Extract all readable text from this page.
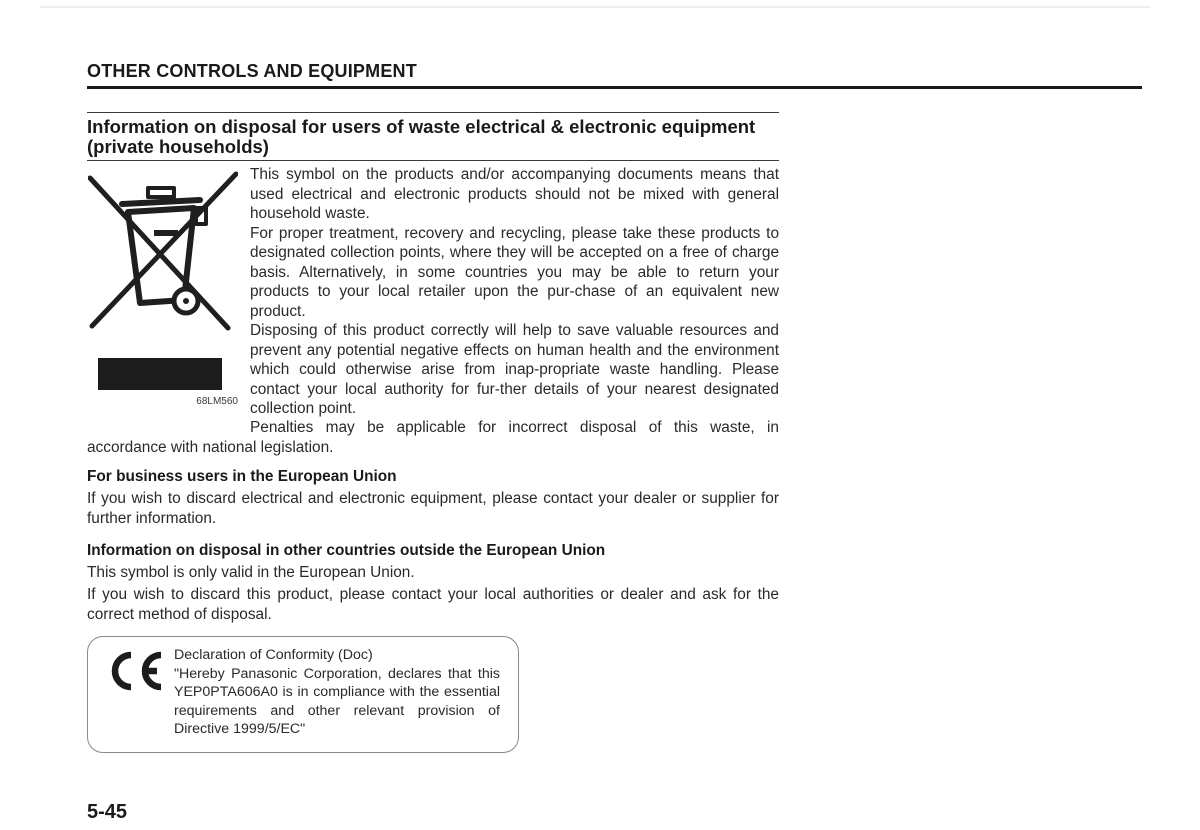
OTHER CONTROLS AND EQUIPMENT
Information on disposal for users of waste electrical & electronic equipment (private households)
68LM560

This symbol on the products and/or accompanying documents means that used electrical and electronic products should not be mixed with general household waste.

For proper treatment, recovery and recycling, please take these products to designated collection points, where they will be accepted on a free of charge basis. Alternatively, in some countries you may be able to return your products to your local retailer upon the pur-chase of an equivalent new product.

Disposing of this product correctly will help to save valuable resources and prevent any potential negative effects on human health and the environment which could otherwise arise from inap-propriate waste handling. Please contact your local authority for fur-ther details of your nearest designated collection point.

Penalties may be applicable for incorrect disposal of this waste, in accordance with national legislation.

For business users in the European Union

If you wish to discard electrical and electronic equipment, please contact your dealer or supplier for further information.

Information on disposal in other countries outside the European Union

This symbol is only valid in the European Union.

If you wish to discard this product, please contact your local authorities or dealer and ask for the correct method of disposal.

Declaration of Conformity (Doc)

"Hereby Panasonic Corporation, declares that this YEP0PTA606A0 is in compliance with the essential requirements and other relevant provision of Directive 1999/5/EC"

5-45
